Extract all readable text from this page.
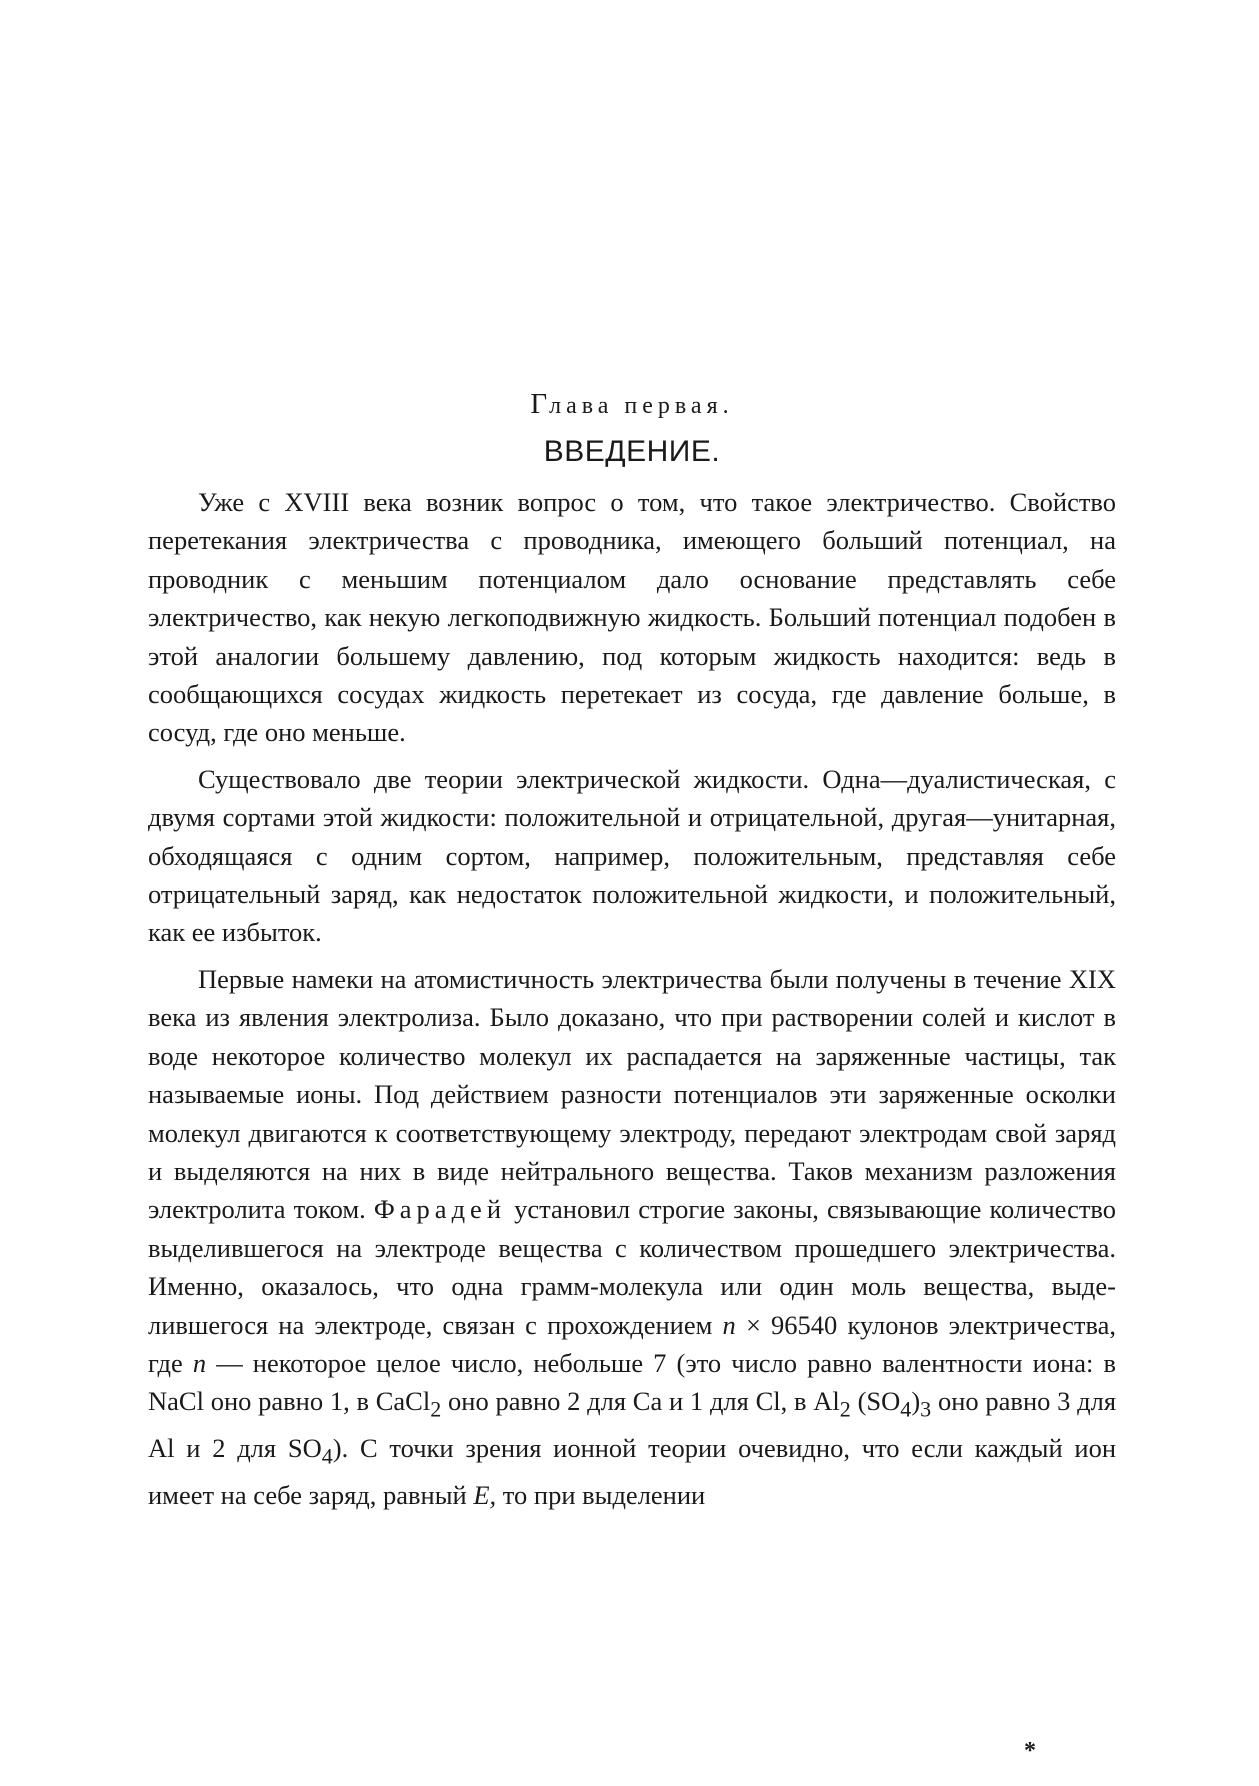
Глава первая.
ВВЕДЕНИЕ.

Уже с XVIII века возник вопрос о том, что такое электричество. Свойство перетекания электричества с проводника, имеющего больший потенциал, на проводник с меньшим потенциалом дало основание представлять себе электричество, как некую легкоподвижную жидкость. Больший потенциал подобен в этой аналогии большему давлению, под которым жидкость находится: ведь в сообщающихся сосудах жидкость перетекает из сосуда, где давление больше, в сосуд, где оно меньше.

Существовало две теории электрической жидкости. Одна—дуалистическая, с двумя сортами этой жидкости: положительной и отрицательной, другая—унитарная, обходящаяся с одним сортом, например, положительным, представляя себе отрицательный заряд, как недостаток положительной жидкости, и положительный, как ее избыток.

Первые намеки на атомистичность электричества были получены в течение XIX века из явления электролиза. Было доказано, что при растворении солей и кислот в воде некоторое количество молекул их распадается на заряженные частицы, так называемые ионы. Под действием разности потенциалов эти заряженные осколки молекул двигаются к соответствующему электроду, передают электродам свой заряд и выделяются на них в виде нейтрального вещества. Таков механизм разложения электролита током. Фарадей установил строгие законы, связывающие количество выделившегося на электроде вещества с количеством прошедшего электричества. Именно, оказалось, что одна грамм-молекула или один моль вещества, выделившегося на электроде, связан с прохождением n × 96540 кулонов электричества, где n — некоторое целое число, небольше 7 (это число равно валентности иона: в NaCl оно равно 1, в CaCl$_2$ оно равно 2 для Ca и 1 для Cl, в $Al_2$ $(SO_4)_3$ оно равно 3 для Al и 2 для $SO_4$). С точки зрения ионной теории очевидно, что если каждый ион имеет на себе заряд, равный E, то при выделении

*
